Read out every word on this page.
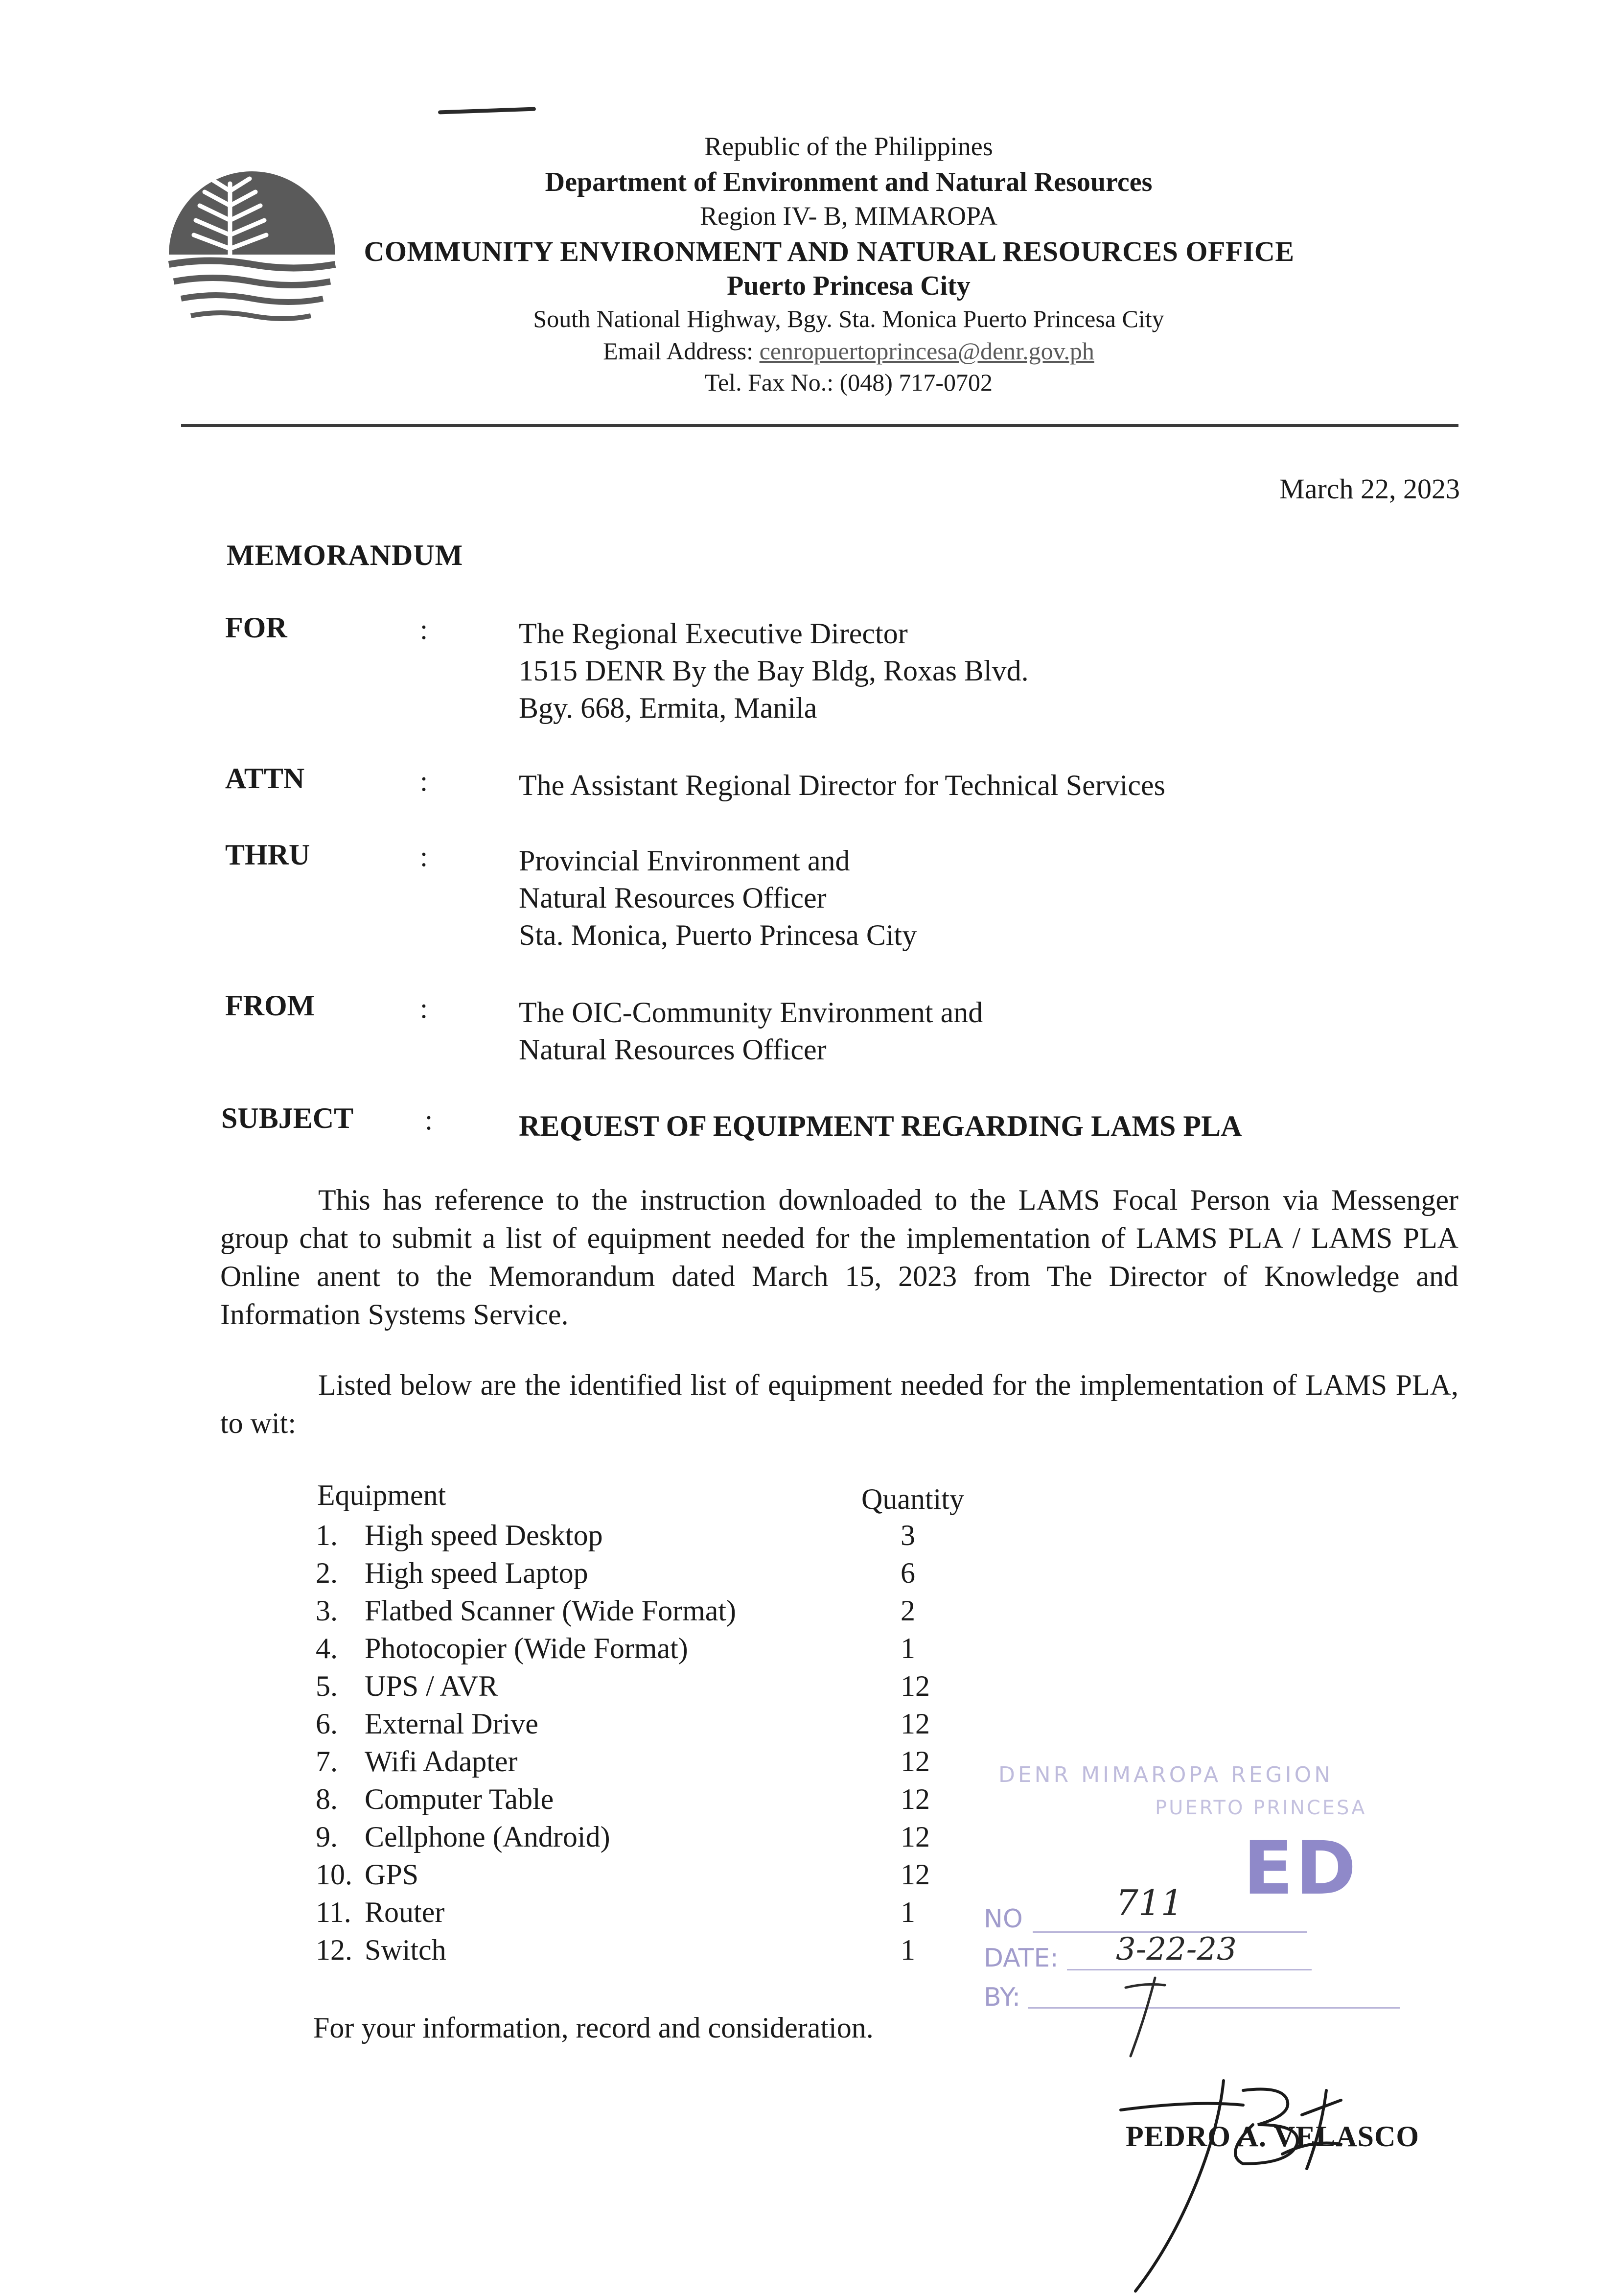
Republic of the Philippines
Department of Environment and Natural Resources
Region IV- B, MIMAROPA
COMMUNITY ENVIRONMENT AND NATURAL RESOURCES OFFICE
Puerto Princesa City
South National Highway, Bgy. Sta. Monica Puerto Princesa City
Email Address: cenropuertoprincesa@denr.gov.ph
Tel. Fax No.: (048) 717-0702
March 22, 2023
MEMORANDUM
FOR	:	The Regional Executive Director
1515 DENR By the Bay Bldg, Roxas Blvd.
Bgy. 668, Ermita, Manila
ATTN	:	The Assistant Regional Director for Technical Services
THRU	:	Provincial Environment and
Natural Resources Officer
Sta. Monica, Puerto Princesa City
FROM	:	The OIC-Community Environment and
Natural Resources Officer
SUBJECT	:	REQUEST OF EQUIPMENT REGARDING LAMS PLA
This has reference to the instruction downloaded to the LAMS Focal Person via Messenger group chat to submit a list of equipment needed for the implementation of LAMS PLA / LAMS PLA Online anent to the Memorandum dated March 15, 2023 from The Director of Knowledge and Information Systems Service.
Listed below are the identified list of equipment needed for the implementation of LAMS PLA, to wit:
Equipment	Quantity
1. High speed Desktop	3
2. High speed Laptop	6
3. Flatbed Scanner (Wide Format)	2
4. Photocopier (Wide Format)	1
5. UPS / AVR	12
6. External Drive	12
7. Wifi Adapter	12
8. Computer Table	12
9. Cellphone (Android)	12
10. GPS	12
11. Router	1
12. Switch	1
DENR MIMAROPA REGION
PUERTO PRINCESA
ED
NO	711
DATE: 3-22-23
BY:
For your information, record and consideration.
PEDRO A. VELASCO
